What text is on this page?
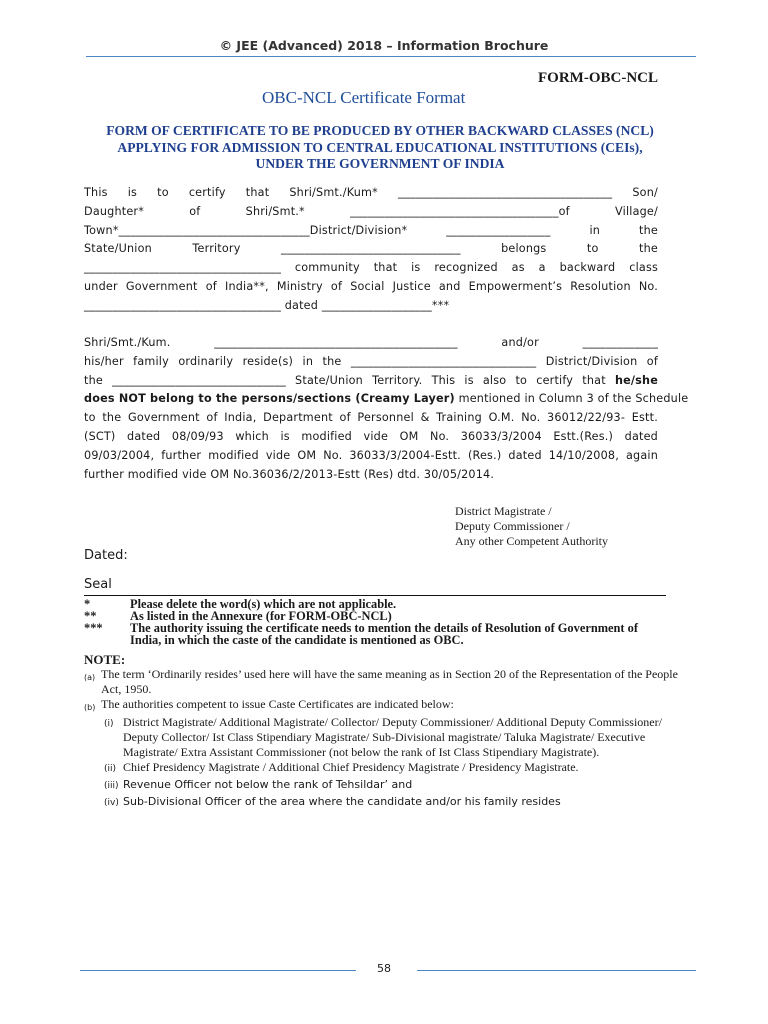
© JEE (Advanced) 2018 – Information Brochure
FORM-OBC-NCL
OBC-NCL Certificate Format
FORM OF CERTIFICATE TO BE PRODUCED BY OTHER BACKWARD CLASSES (NCL) APPLYING FOR ADMISSION TO CENTRAL EDUCATIONAL INSTITUTIONS (CEIs), UNDER THE GOVERNMENT OF INDIA
This is to certify that Shri/Smt./Kum* _____________________________________ Son/
Daughter* of Shri/Smt.* ____________________________________of Village/
Town*_________________________________District/Division* __________________ in the
State/Union Territory _______________________________ belongs to the
__________________________________ community that is recognized as a backward class
under Government of India**, Ministry of Social Justice and Empowerment’s Resolution No.
__________________________________ dated ___________________***
Shri/Smt./Kum. __________________________________________ and/or _____________
his/her family ordinarily reside(s) in the ________________________________ District/Division of
the ______________________________ State/Union Territory. This is also to certify that he/she
does NOT belong to the persons/sections (Creamy Layer) mentioned in Column 3 of the Schedule
to the Government of India, Department of Personnel & Training O.M. No. 36012/22/93- Estt.
(SCT) dated 08/09/93 which is modified vide OM No. 36033/3/2004 Estt.(Res.) dated
09/03/2004, further modified vide OM No. 36033/3/2004-Estt. (Res.) dated 14/10/2008, again
further modified vide OM No.36036/2/2013-Estt (Res) dtd. 30/05/2014.
District Magistrate /
Deputy Commissioner /
Any other Competent Authority
Dated:
Seal
*	Please delete the word(s) which are not applicable.
**	As listed in the Annexure (for FORM-OBC-NCL)
***	The authority issuing the certificate needs to mention the details of Resolution of Government of India, in which the caste of the candidate is mentioned as OBC.
NOTE:
(a) The term ‘Ordinarily resides’ used here will have the same meaning as in Section 20 of the Representation of the People Act, 1950.
(b) The authorities competent to issue Caste Certificates are indicated below:
(i) District Magistrate/ Additional Magistrate/ Collector/ Deputy Commissioner/ Additional Deputy Commissioner/ Deputy Collector/ Ist Class Stipendiary Magistrate/ Sub-Divisional magistrate/ Taluka Magistrate/ Executive Magistrate/ Extra Assistant Commissioner (not below the rank of Ist Class Stipendiary Magistrate).
(ii) Chief Presidency Magistrate / Additional Chief Presidency Magistrate / Presidency Magistrate.
(iii) Revenue Officer not below the rank of Tehsildar’ and
(iv) Sub-Divisional Officer of the area where the candidate and/or his family resides
58
